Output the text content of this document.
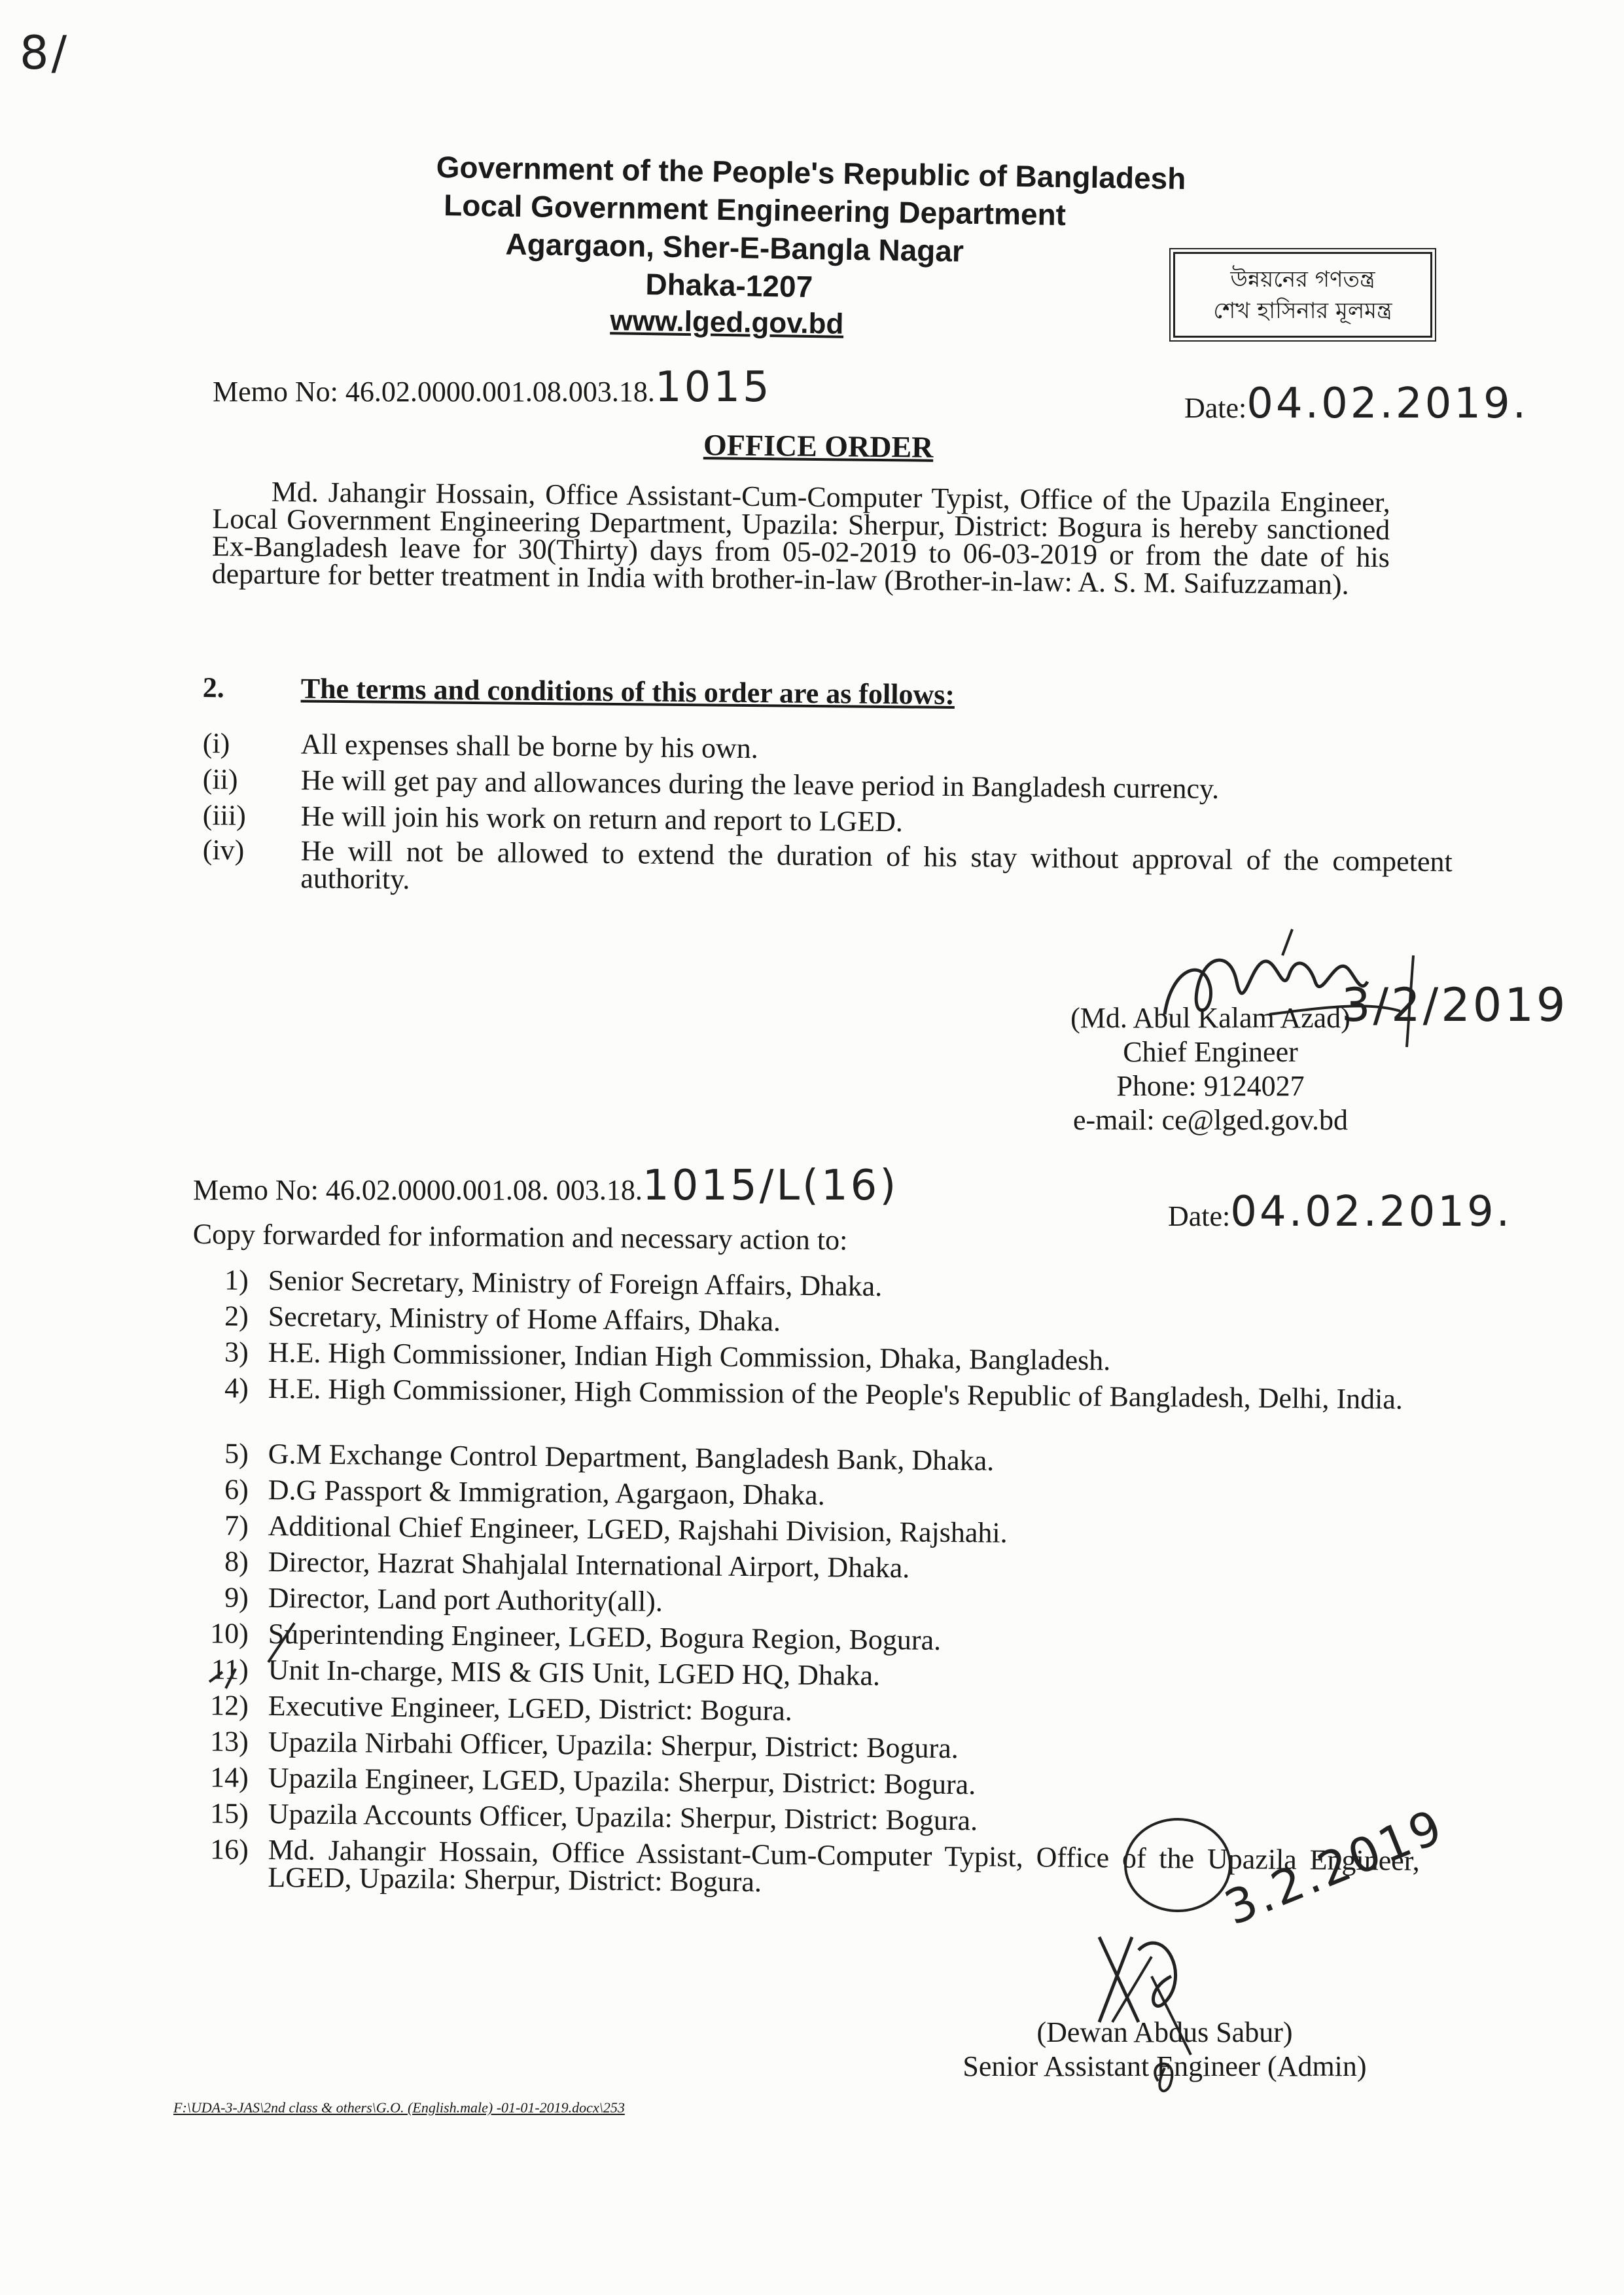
8/
Government of the People's Republic of Bangladesh
Local Government Engineering Department
Agargaon, Sher-E-Bangla Nagar
Dhaka-1207
www.lged.gov.bd
উন্নয়নের গণতন্ত্র
শেখ হাসিনার মূলমন্ত্র
Memo No: 46.02.0000.001.08.003.18.1015	Date:04.02.2019.
OFFICE ORDER
Md. Jahangir Hossain, Office Assistant-Cum-Computer Typist, Office of the Upazila Engineer, Local Government Engineering Department, Upazila: Sherpur, District: Bogura is hereby sanctioned Ex-Bangladesh leave for 30(Thirty) days from 05-02-2019 to 06-03-2019 or from the date of his departure for better treatment in India with brother-in-law (Brother-in-law: A. S. M. Saifuzzaman).
2.	The terms and conditions of this order are as follows:
(i)	All expenses shall be borne by his own.
(ii)	He will get pay and allowances during the leave period in Bangladesh currency.
(iii)	He will join his work on return and report to LGED.
(iv)	He will not be allowed to extend the duration of his stay without approval of the competent authority.
3/2/2019
(Md. Abul Kalam Azad)
Chief Engineer
Phone: 9124027
e-mail: ce@lged.gov.bd
Memo No: 46.02.0000.001.08. 003.18.1015/L(16)
Date:04.02.2019.
Copy forwarded for information and necessary action to:
1) Senior Secretary, Ministry of Foreign Affairs, Dhaka.
2) Secretary, Ministry of Home Affairs, Dhaka.
3) H.E. High Commissioner, Indian High Commission, Dhaka, Bangladesh.
4) H.E. High Commissioner, High Commission of the People's Republic of Bangladesh, Delhi, India.
5) G.M Exchange Control Department, Bangladesh Bank, Dhaka.
6) D.G Passport & Immigration, Agargaon, Dhaka.
7) Additional Chief Engineer, LGED, Rajshahi Division, Rajshahi.
8) Director, Hazrat Shahjalal International Airport, Dhaka.
9) Director, Land port Authority(all).
10) Superintending Engineer, LGED, Bogura Region, Bogura.
11) Unit In-charge, MIS & GIS Unit, LGED HQ, Dhaka.
12) Executive Engineer, LGED, District: Bogura.
13) Upazila Nirbahi Officer, Upazila: Sherpur, District: Bogura.
14) Upazila Engineer, LGED, Upazila: Sherpur, District: Bogura.
15) Upazila Accounts Officer, Upazila: Sherpur, District: Bogura.
16) Md. Jahangir Hossain, Office Assistant-Cum-Computer Typist, Office of the Upazila Engineer, LGED, Upazila: Sherpur, District: Bogura.	3.2.2019
(Dewan Abdus Sabur)
Senior Assistant Engineer (Admin)
F:\UDA-3-JAS\2nd class & others\G.O. (English.male) -01-01-2019.docx\253
